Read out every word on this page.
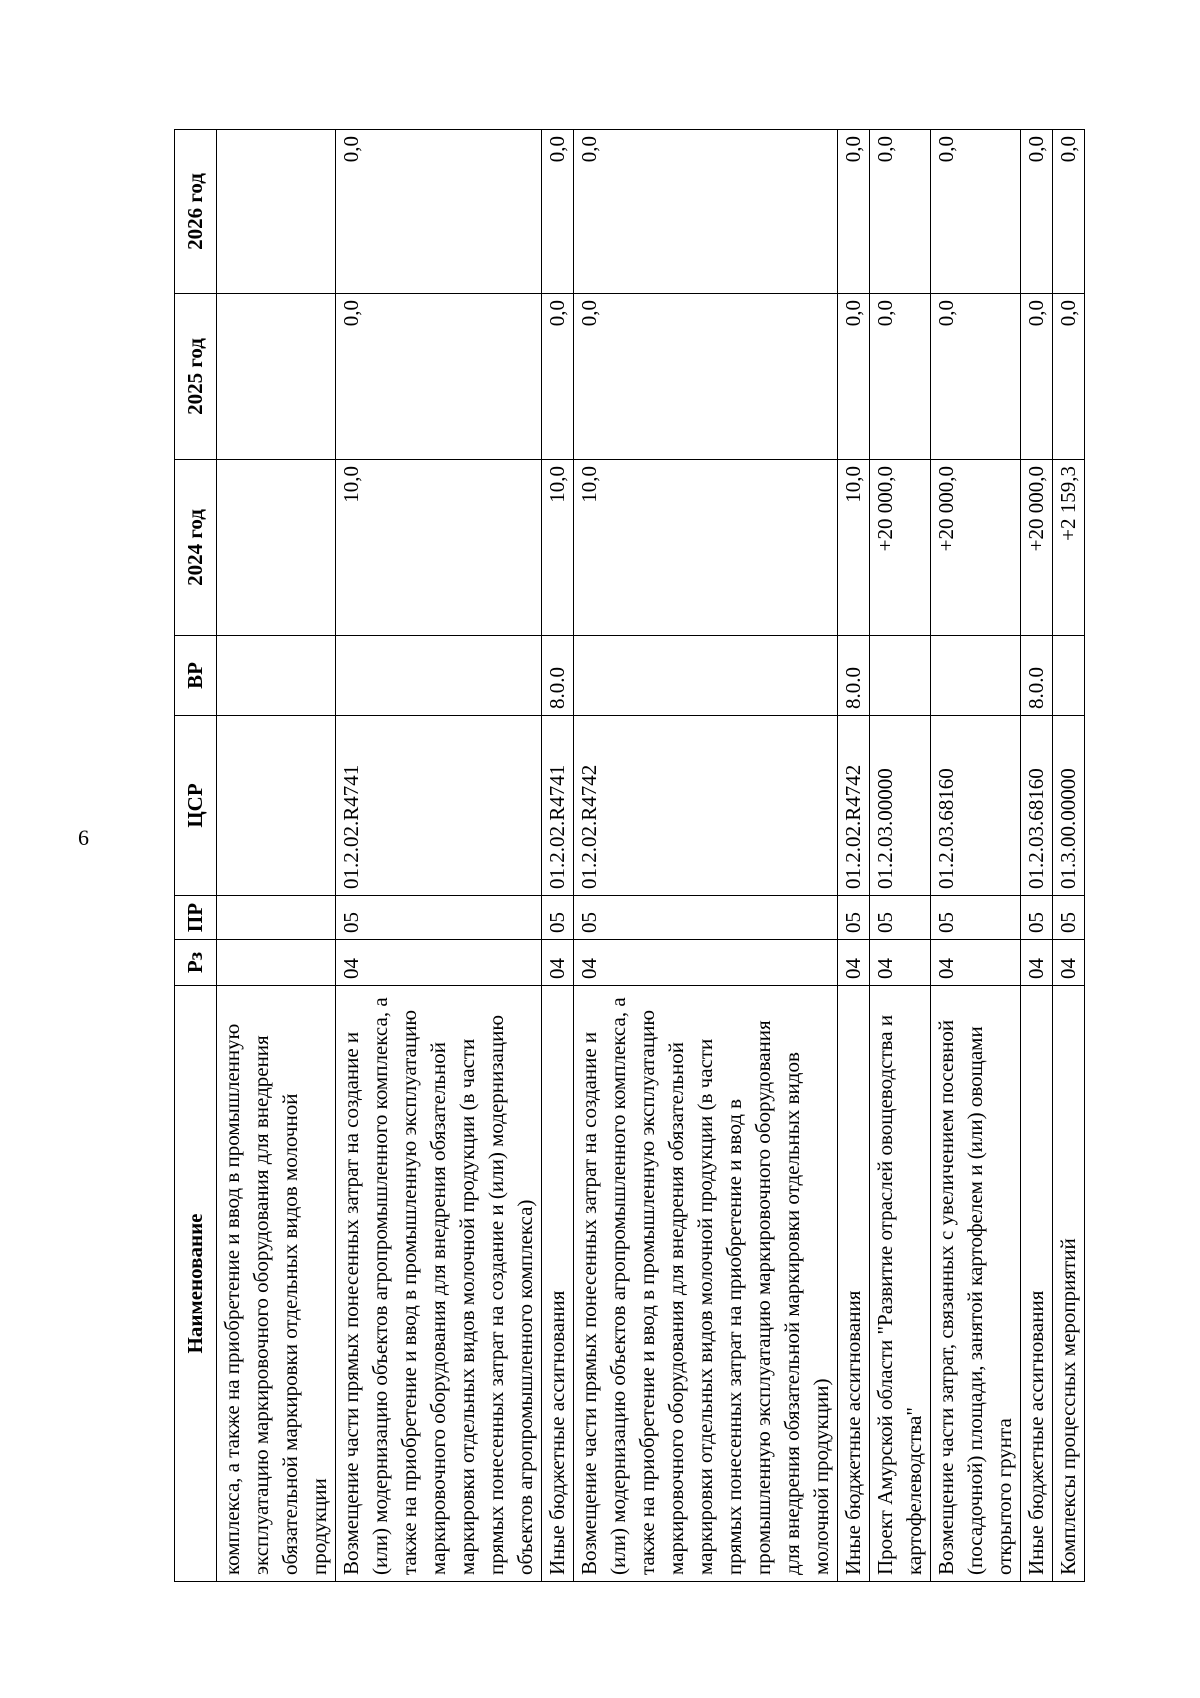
6
Наименование	Рз	ПР	ЦСР	ВР	2024 год	2025 год	2026 год
комплекса, а также на приобретение и ввод в промышленную эксплуатацию маркировочного оборудования для внедрения обязательной маркировки отдельных видов молочной продукции							
Возмещение части прямых понесенных затрат на создание и (или) модернизацию объектов агропромышленного комплекса, а также на приобретение и ввод в промышленную эксплуатацию маркировочного оборудования для внедрения обязательной маркировки отдельных видов молочной продукции (в части прямых понесенных затрат на создание и (или) модернизацию объектов агропромышленного комплекса)	04	05	01.2.02.R4741		10,0	0,0	0,0
Иные бюджетные ассигнования	04	05	01.2.02.R4741	8.0.0	10,0	0,0	0,0
Возмещение части прямых понесенных затрат на создание и (или) модернизацию объектов агропромышленного комплекса, а также на приобретение и ввод в промышленную эксплуатацию маркировочного оборудования для внедрения обязательной маркировки отдельных видов молочной продукции (в части прямых понесенных затрат на приобретение и ввод в промышленную эксплуатацию маркировочного оборудования для внедрения обязательной маркировки отдельных видов молочной продукции)	04	05	01.2.02.R4742		10,0	0,0	0,0
Иные бюджетные ассигнования	04	05	01.2.02.R4742	8.0.0	10,0	0,0	0,0
Проект Амурской области "Развитие отраслей овощеводства и картофелеводства"	04	05	01.2.03.00000		+20 000,0	0,0	0,0
Возмещение части затрат, связанных с увеличением посевной (посадочной) площади, занятой картофелем и (или) овощами открытого грунта	04	05	01.2.03.68160		+20 000,0	0,0	0,0
Иные бюджетные ассигнования	04	05	01.2.03.68160	8.0.0	+20 000,0	0,0	0,0
Комплексы процессных мероприятий	04	05	01.3.00.00000		+2 159,3	0,0	0,0
